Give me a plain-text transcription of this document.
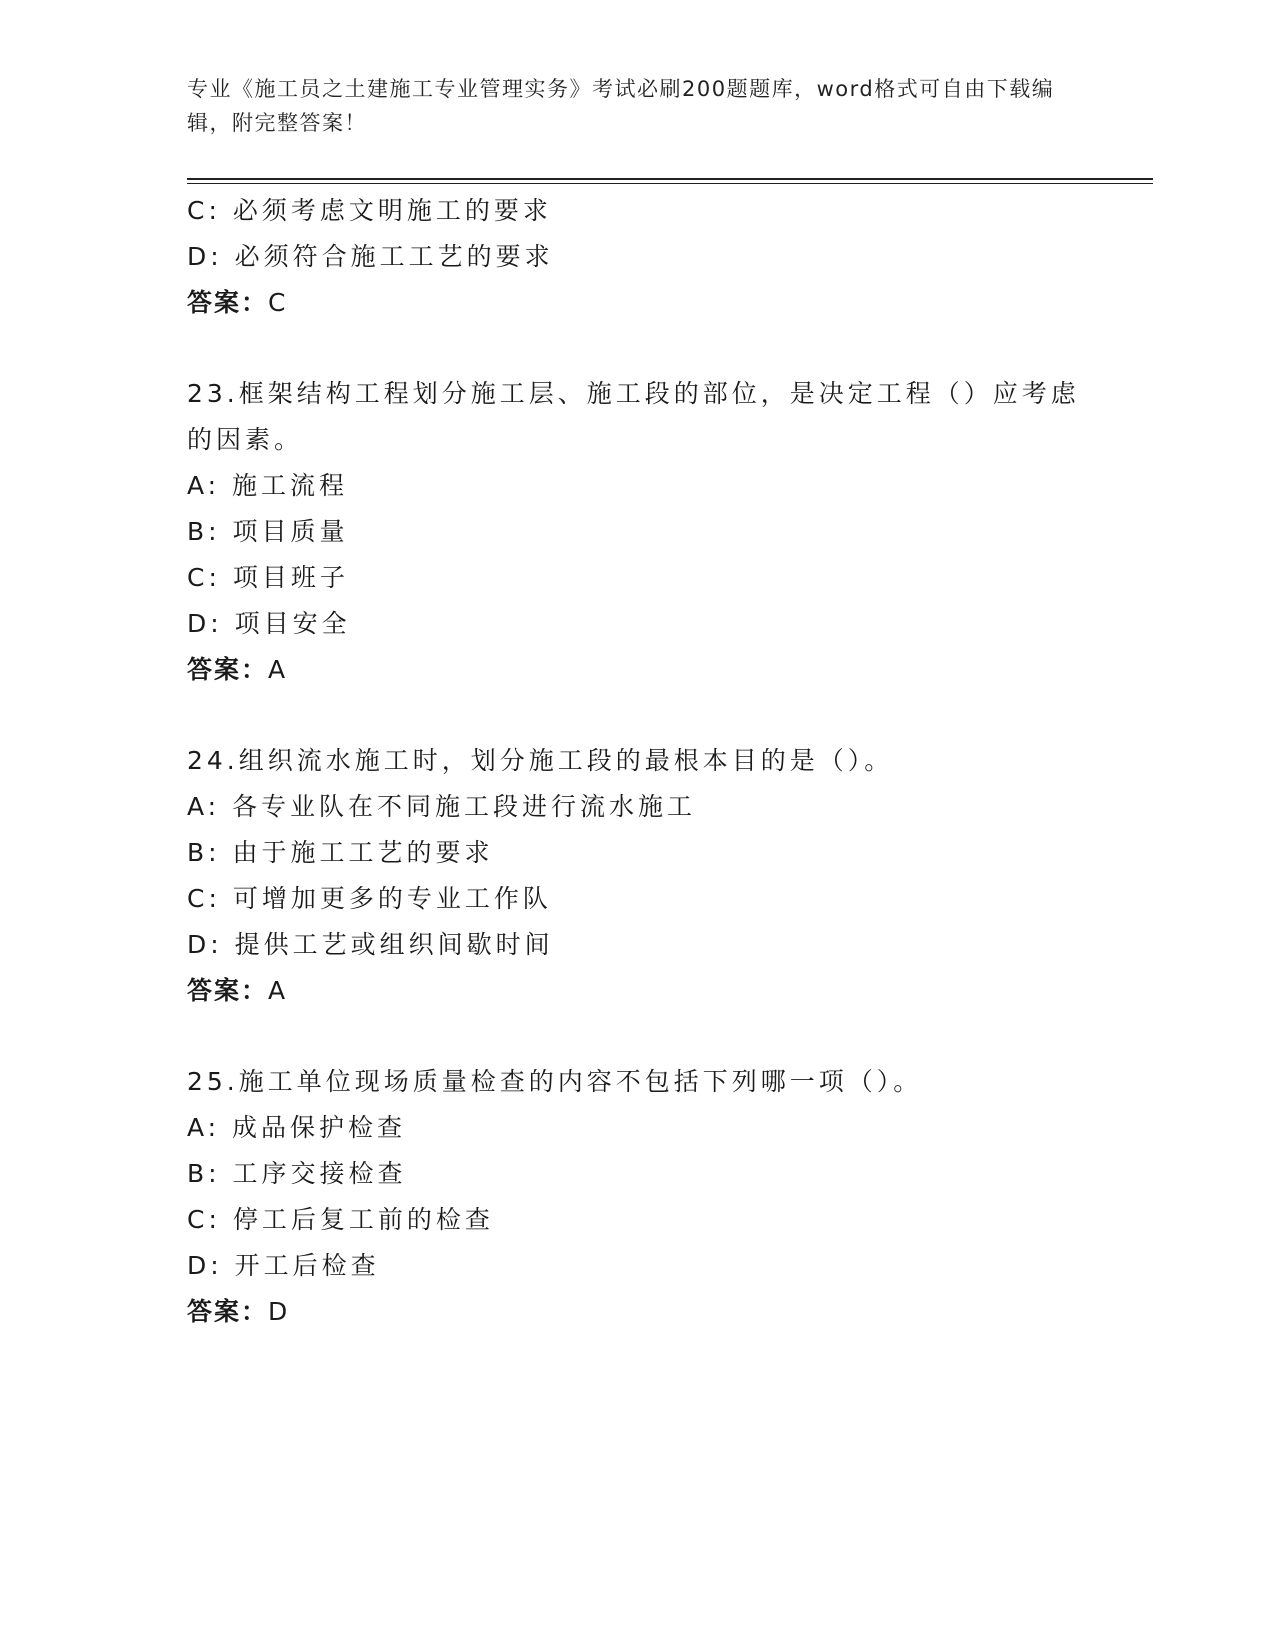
专业《施工员之土建施工专业管理实务》考试必刷200题题库，word格式可自由下载编辑，附完整答案！
C: 必须考虑文明施工的要求
D: 必须符合施工工艺的要求
答案：C
23.框架结构工程划分施工层、施工段的部位，是决定工程（）应考虑的因素。
A: 施工流程
B: 项目质量
C: 项目班子
D: 项目安全
答案：A
24.组织流水施工时，划分施工段的最根本目的是（）。
A: 各专业队在不同施工段进行流水施工
B: 由于施工工艺的要求
C: 可增加更多的专业工作队
D: 提供工艺或组织间歇时间
答案：A
25.施工单位现场质量检查的内容不包括下列哪一项（）。
A: 成品保护检查
B: 工序交接检查
C: 停工后复工前的检查
D: 开工后检查
答案：D
